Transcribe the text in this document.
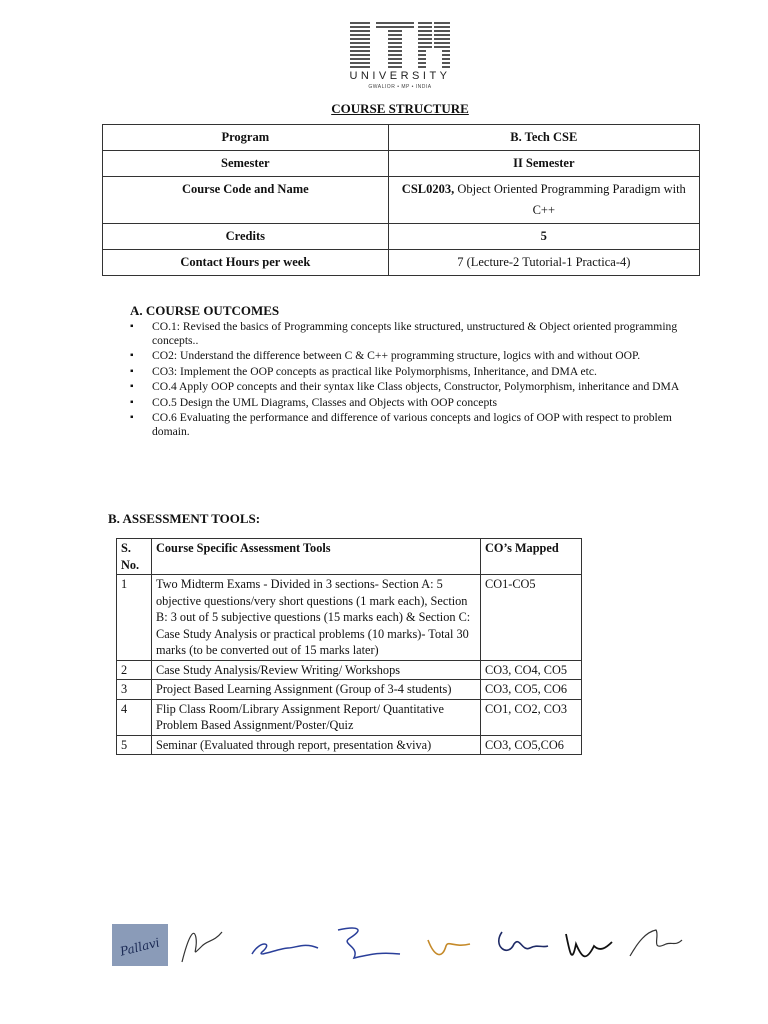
UNIVERSITY
GWALIOR • MP • INDIA
COURSE STRUCTURE
Program	B. Tech CSE
Semester	II Semester
Course Code and Name	CSL0203, Object Oriented Programming Paradigm with C++
Credits	5
Contact Hours per week	7 (Lecture-2 Tutorial-1 Practica-4)
A. COURSE OUTCOMES
▪ CO.1: Revised the basics of Programming concepts like structured, unstructured & Object oriented programming concepts..
▪ CO2: Understand the difference between C & C++ programming structure, logics with and without OOP.
▪ CO3: Implement the OOP concepts as practical like Polymorphisms, Inheritance, and DMA etc.
▪ CO.4 Apply OOP concepts and their syntax like Class objects, Constructor, Polymorphism, inheritance and DMA
▪ CO.5 Design the UML Diagrams, Classes and Objects with OOP concepts
▪ CO.6 Evaluating the performance and difference of various concepts and logics of OOP with respect to problem domain.
B. ASSESSMENT TOOLS:
S. No.	Course Specific Assessment Tools	CO’s Mapped
1	Two Midterm Exams - Divided in 3 sections- Section A: 5 objective questions/very short questions (1 mark each), Section B: 3 out of 5 subjective questions (15 marks each) & Section C: Case Study Analysis or practical problems (10 marks)- Total 30 marks (to be converted out of 15 marks later)	CO1-CO5
2	Case Study Analysis/Review Writing/ Workshops	CO3, CO4, CO5
3	Project Based Learning Assignment (Group of 3-4 students)	CO3, CO5, CO6
4	Flip Class Room/Library Assignment Report/ Quantitative Problem Based Assignment/Poster/Quiz	CO1, CO2, CO3
5	Seminar (Evaluated through report, presentation &viva)	CO3, CO5,CO6
Pallavi
